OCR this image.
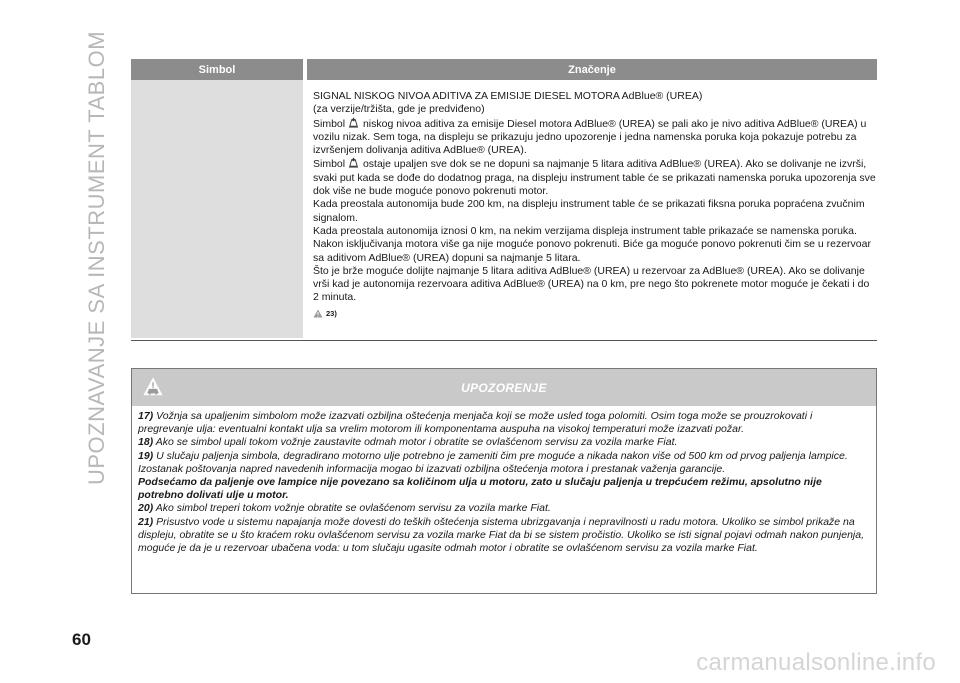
UPOZNAVANJE SA INSTRUMENT TABLOM	Simbol	Značenje

SIGNAL NISKOG NIVOA ADITIVA ZA EMISIJE DIESEL MOTORA AdBlue® (UREA)

(za verzije/tržišta, gde je predviđeno)

Simbol niskog nivoa aditiva za emisije Diesel motora AdBlue® (UREA) se pali ako je nivo aditiva AdBlue® (UREA) u vozilu nizak. Sem toga, na displeju se prikazuju jedno upozorenje i jedna namenska poruka koja pokazuje potrebu za izvršenjem dolivanja aditiva AdBlue® (UREA).

Simbol ostaje upaljen sve dok se ne dopuni sa najmanje 5 litara aditiva AdBlue® (UREA). Ako se dolivanje ne izvrši, svaki put kada se dođe do dodatnog praga, na displeju instrument table će se prikazati namenska poruka upozorenja sve dok više ne bude moguće ponovo pokrenuti motor.

Kada preostala autonomija bude 200 km, na displeju instrument table će se prikazati fiksna poruka popraćena zvučnim signalom.

Kada preostala autonomija iznosi 0 km, na nekim verzijama displeja instrument table prikazaće se namenska poruka. Nakon isključivanja motora više ga nije moguće ponovo pokrenuti. Biće ga moguće ponovo pokrenuti čim se u rezervoar sa aditivom AdBlue® (UREA) dopuni sa najmanje 5 litara.

Što je brže moguće dolijte najmanje 5 litara aditiva AdBlue® (UREA) u rezervoar za AdBlue® (UREA). Ako se dolivanje vrši kad je autonomija rezervoara aditiva AdBlue® (UREA) na 0 km, pre nego što pokrenete motor moguće je čekati i do 2 minuta.

23)
UPOZORENJE

17) Vožnja sa upaljenim simbolom može izazvati ozbiljna oštećenja menjača koji se može usled toga polomiti. Osim toga može se prouzrokovati i pregrevanje ulja: eventualni kontakt ulja sa vrelim motorom ili komponentama auspuha na visokoj temperaturi može izazvati požar.

18) Ako se simbol upali tokom vožnje zaustavite odmah motor i obratite se ovlašćenom servisu za vozila marke Fiat.

19) U slučaju paljenja simbola, degradirano motorno ulje potrebno je zameniti čim pre moguće a nikada nakon više od 500 km od prvog paljenja lampice. Izostanak poštovanja napred navedenih informacija mogao bi izazvati ozbiljna oštećenja motora i prestanak važenja garancije.

Podsećamo da paljenje ove lampice nije povezano sa količinom ulja u motoru, zato u slučaju paljenja u trepćućem režimu, apsolutno nije potrebno dolivati ulje u motor.

20) Ako simbol treperi tokom vožnje obratite se ovlašćenom servisu za vozila marke Fiat.

21) Prisustvo vode u sistemu napajanja može dovesti do teških oštećenja sistema ubrizgavanja i nepravilnosti u radu motora. Ukoliko se simbol prikaže na displeju, obratite se u što kraćem roku ovlašćenom servisu za vozila marke Fiat da bi se sistem pročistio. Ukoliko se isti signal pojavi odmah nakon punjenja, moguće je da je u rezervoar ubačena voda: u tom slučaju ugasite odmah motor i obratite se ovlašćenom servisu za vozila marke Fiat.

60
carmanualsonline.info
